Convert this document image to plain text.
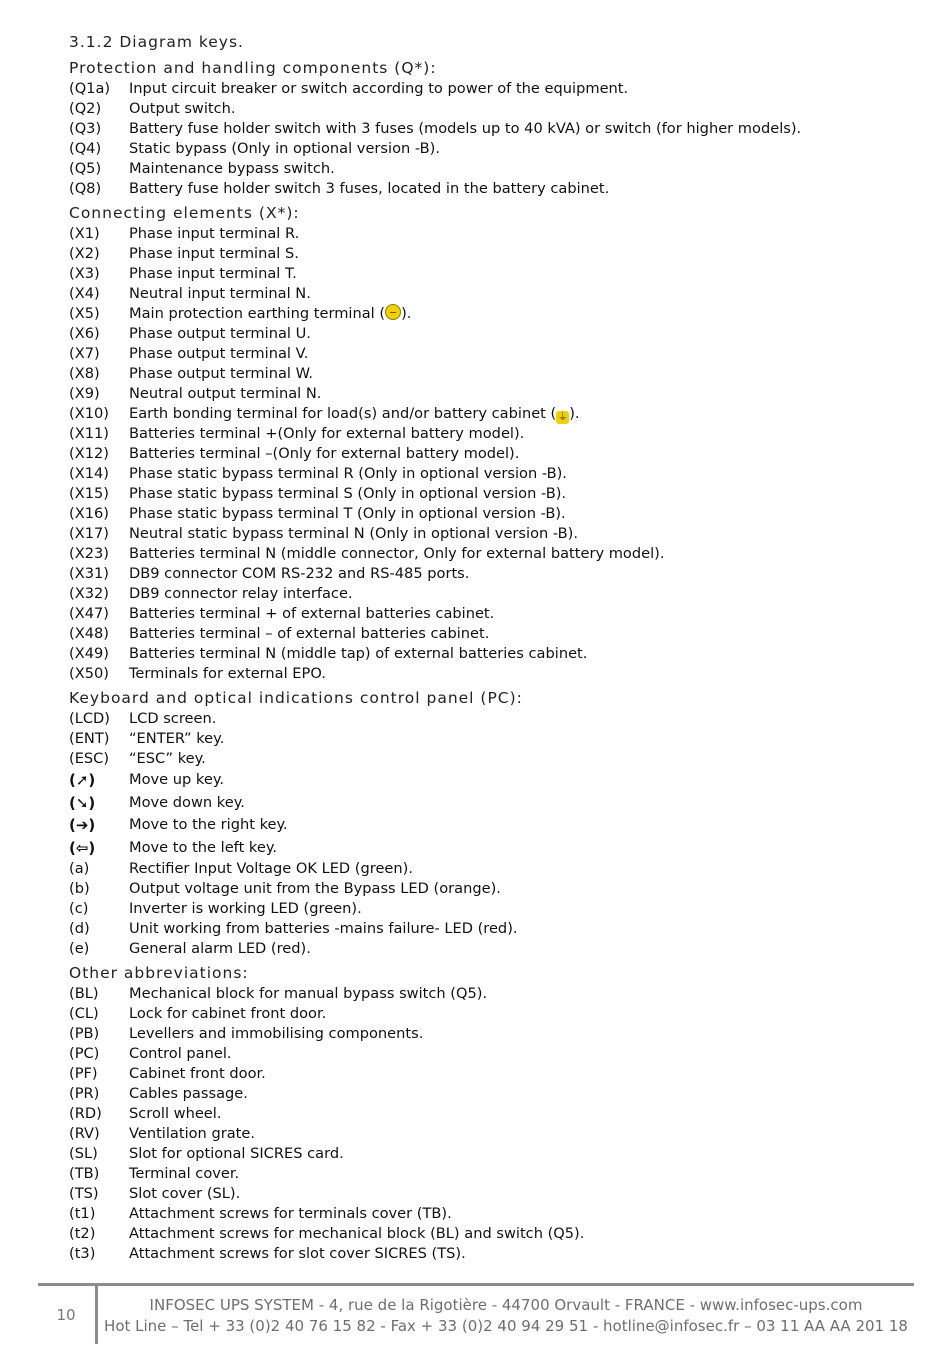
3.1.2 Diagram keys.
Protection and handling components (Q*):
(Q1a)	Input circuit breaker or switch according to power of the equipment.
(Q2)	Output switch.
(Q3)	Battery fuse holder switch with 3 fuses (models up to 40 kVA) or switch (for higher models).
(Q4)	Static bypass (Only in optional version -B).
(Q5)	Maintenance bypass switch.
(Q8)	Battery fuse holder switch 3 fuses, located in the battery cabinet.
Connecting elements (X*):
(X1)	Phase input terminal R.
(X2)	Phase input terminal S.
(X3)	Phase input terminal T.
(X4)	Neutral input terminal N.
(X5)	Main protection earthing terminal ( ).
(X6)	Phase output terminal U.
(X7)	Phase output terminal V.
(X8)	Phase output terminal W.
(X9)	Neutral output terminal N.
(X10)	Earth bonding terminal for load(s) and/or battery cabinet ( ⏚ ).
(X11)	Batteries terminal +(Only for external battery model).
(X12)	Batteries terminal –(Only for external battery model).
(X14)	Phase static bypass terminal R (Only in optional version -B).
(X15)	Phase static bypass terminal S (Only in optional version -B).
(X16)	Phase static bypass terminal T (Only in optional version -B).
(X17)	Neutral static bypass terminal N (Only in optional version -B).
(X23)	Batteries terminal N (middle connector, Only for external battery model).
(X31)	DB9 connector COM RS-232 and RS-485 ports.
(X32)	DB9 connector relay interface.
(X47)	Batteries terminal + of external batteries cabinet.
(X48)	Batteries terminal – of external batteries cabinet.
(X49)	Batteries terminal N (middle tap) of external batteries cabinet.
(X50)	Terminals for external EPO.
Keyboard and optical indications control panel (PC):
(LCD)	LCD screen.
(ENT)	“ENTER” key.
(ESC)	“ESC” key.
(➚)	Move up key.
(➘)	Move down key.
(➔)	Move to the right key.
(⇦)	Move to the left key.
(a)	Rectifier Input Voltage OK LED (green).
(b)	Output voltage unit from the Bypass LED (orange).
(c)	Inverter is working LED (green).
(d)	Unit working from batteries -mains failure- LED (red).
(e)	General alarm LED (red).
Other abbreviations:
(BL)	Mechanical block for manual bypass switch (Q5).
(CL)	Lock for cabinet front door.
(PB)	Levellers and immobilising components.
(PC)	Control panel.
(PF)	Cabinet front door.
(PR)	Cables passage.
(RD)	Scroll wheel.
(RV)	Ventilation grate.
(SL)	Slot for optional SICRES card.
(TB)	Terminal cover.
(TS)	Slot cover (SL).
(t1)	Attachment screws for terminals cover (TB).
(t2)	Attachment screws for mechanical block (BL) and switch (Q5).
(t3)	Attachment screws for slot cover SICRES (TS).
10
INFOSEC UPS SYSTEM - 4, rue de la Rigotière - 44700 Orvault - FRANCE - www.infosec-ups.com
Hot Line – Tel + 33 (0)2 40 76 15 82 - Fax + 33 (0)2 40 94 29 51 - hotline@infosec.fr – 03 11 AA AA 201 18
